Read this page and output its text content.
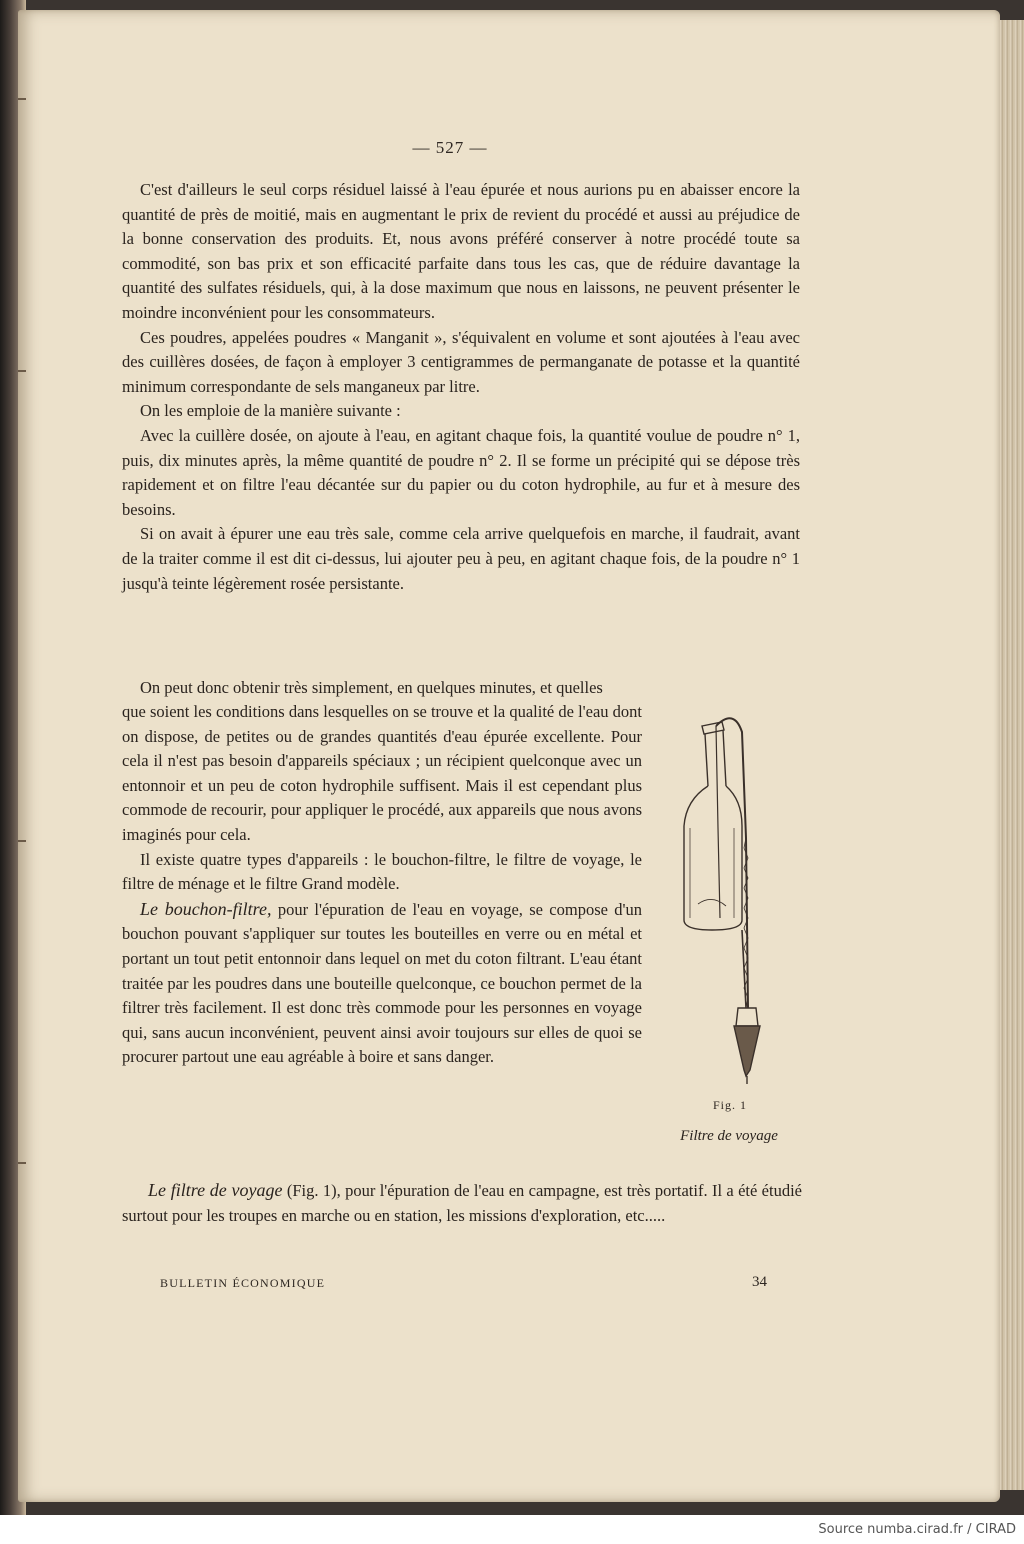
— 527 —

C'est d'ailleurs le seul corps résiduel laissé à l'eau épurée et nous aurions pu en abaisser encore la quantité de près de moitié, mais en augmentant le prix de revient du procédé et aussi au préjudice de la bonne conservation des produits. Et, nous avons préféré conserver à notre procédé toute sa commodité, son bas prix et son efficacité parfaite dans tous les cas, que de réduire davantage la quantité des sulfates résiduels, qui, à la dose maximum que nous en laissons, ne peuvent présenter le moindre inconvénient pour les consommateurs.

Ces poudres, appelées poudres « Manganit », s'équivalent en volume et sont ajoutées à l'eau avec des cuillères dosées, de façon à employer 3 centigrammes de permanganate de potasse et la quantité minimum correspondante de sels manganeux par litre.

On les emploie de la manière suivante :

Avec la cuillère dosée, on ajoute à l'eau, en agitant chaque fois, la quantité voulue de poudre n° 1, puis, dix minutes après, la même quantité de poudre n° 2. Il se forme un précipité qui se dépose très rapidement et on filtre l'eau décantée sur du papier ou du coton hydrophile, au fur et à mesure des besoins.

Si on avait à épurer une eau très sale, comme cela arrive quelquefois en marche, il faudrait, avant de la traiter comme il est dit ci-dessus, lui ajouter peu à peu, en agitant chaque fois, de la poudre n° 1 jusqu'à teinte légèrement rosée persistante.

On peut donc obtenir très simplement, en quelques minutes, et quelles

que soient les conditions dans lesquelles on se trouve et la qualité de l'eau dont on dispose, de petites ou de grandes quantités d'eau épurée excellente. Pour cela il n'est pas besoin d'appareils spéciaux ; un récipient quelconque avec un entonnoir et un peu de coton hydrophile suffisent. Mais il est cependant plus commode de recourir, pour appliquer le procédé, aux appareils que nous avons imaginés pour cela.

Il existe quatre types d'appareils : le bouchon-filtre, le filtre de voyage, le filtre de ménage et le filtre Grand modèle.

Le bouchon-filtre, pour l'épuration de l'eau en voyage, se compose d'un bouchon pouvant s'appliquer sur toutes les bouteilles en verre ou en métal et portant un tout petit entonnoir dans lequel on met du coton filtrant. L'eau étant traitée par les poudres dans une bouteille quelconque, ce bouchon permet de la filtrer très facilement. Il est donc très commode pour les personnes en voyage qui, sans aucun inconvénient, peuvent ainsi avoir toujours sur elles de quoi se procurer partout une eau agréable à boire et sans danger.

Fig. 1
Filtre de voyage

Le filtre de voyage (Fig. 1), pour l'épuration de l'eau en campagne, est très portatif. Il a été étudié surtout pour les troupes en marche ou en station, les missions d'exploration, etc.....

BULLETIN ÉCONOMIQUE	34
Source numba.cirad.fr / CIRAD
